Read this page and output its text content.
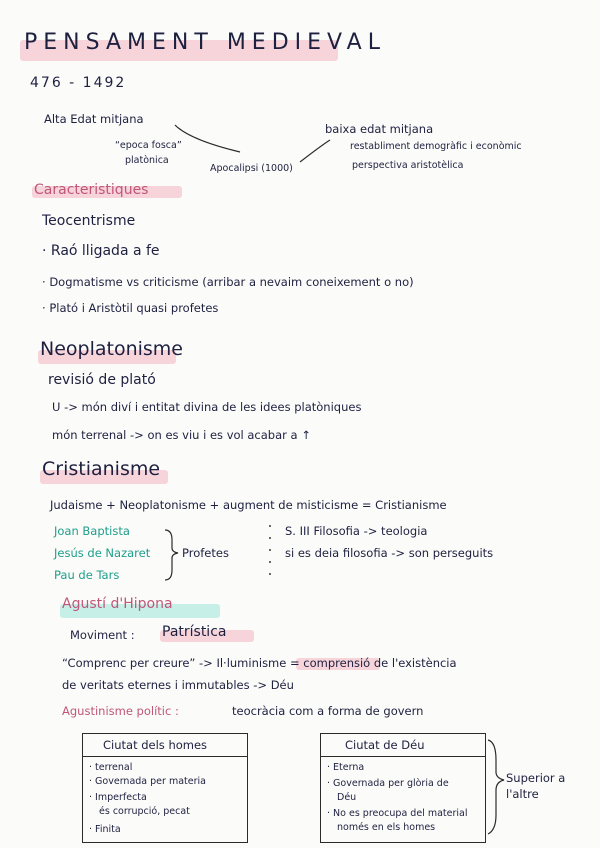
PENSAMENT MEDIEVAL
476 - 1492
Alta Edat mitjana
“epoca fosca”
platònica
Apocalipsi (1000)
baixa edat mitjana
restabliment demogràfic i econòmic
perspectiva aristotèlica
Caracteristiques
Teocentrisme
· Raó lligada a fe
· Dogmatisme vs criticisme (arribar a nevaim coneixement o no)
· Plató i Aristòtil quasi profetes
Neoplatonisme
revisió de plató
U -> món diví i entitat divina de les idees platòniques
món terrenal -> on es viu i es vol acabar a ↑
Cristianisme
Judaisme + Neoplatonisme + augment de misticisme = Cristianisme
Joan Baptista
Jesús de Nazaret
Pau de Tars
Profetes
S. III Filosofia -> teologia
si es deia filosofia -> son perseguits
Agustí d'Hipona
Moviment : Patrística
“Comprenc per creure” -> Il·luminisme = comprensió de l'existència
de veritats eternes i immutables -> Déu
Agustinisme polític :	teocràcia com a forma de govern
Ciutat dels homes
· terrenal
· Governada per materia
· Imperfecta
és corrupció, pecat
· Finita
Ciutat de Déu
· Eterna
· Governada per glòria de
Déu
· No es preocupa del material
només en els homes
Superior a l'altre
